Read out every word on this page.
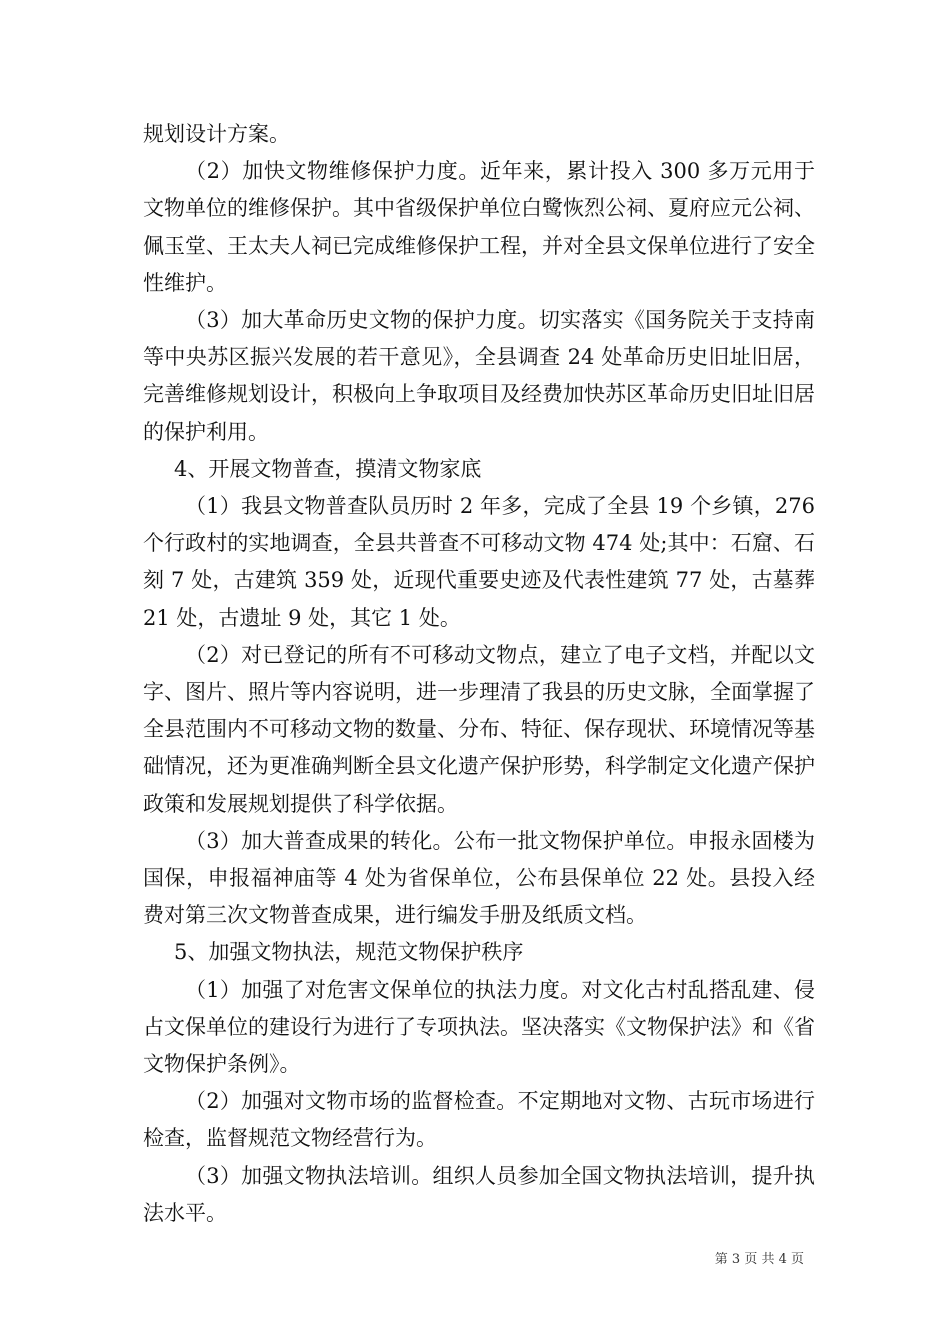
规划设计方案。

（2）加快文物维修保护力度。近年来，累计投入 300 多万元用于文物单位的维修保护。其中省级保护单位白鹭恢烈公祠、夏府应元公祠、佩玉堂、王太夫人祠已完成维修保护工程，并对全县文保单位进行了安全性维护。

（3）加大革命历史文物的保护力度。切实落实《国务院关于支持南等中央苏区振兴发展的若干意见》，全县调查 24 处革命历史旧址旧居，完善维修规划设计，积极向上争取项目及经费加快苏区革命历史旧址旧居的保护利用。

4、开展文物普查，摸清文物家底

（1）我县文物普查队员历时 2 年多，完成了全县 19 个乡镇，276 个行政村的实地调查，全县共普查不可移动文物 474 处;其中：石窟、石刻 7 处，古建筑 359 处，近现代重要史迹及代表性建筑 77 处，古墓葬 21 处，古遗址 9 处，其它 1 处。

（2）对已登记的所有不可移动文物点，建立了电子文档，并配以文字、图片、照片等内容说明，进一步理清了我县的历史文脉，全面掌握了全县范围内不可移动文物的数量、分布、特征、保存现状、环境情况等基础情况，还为更准确判断全县文化遗产保护形势，科学制定文化遗产保护政策和发展规划提供了科学依据。

（3）加大普查成果的转化。公布一批文物保护单位。申报永固楼为国保，申报福神庙等 4 处为省保单位，公布县保单位 22 处。县投入经费对第三次文物普查成果，进行编发手册及纸质文档。

5、加强文物执法，规范文物保护秩序

（1）加强了对危害文保单位的执法力度。对文化古村乱搭乱建、侵占文保单位的建设行为进行了专项执法。坚决落实《文物保护法》和《省文物保护条例》。

（2）加强对文物市场的监督检查。不定期地对文物、古玩市场进行检查，监督规范文物经营行为。

（3）加强文物执法培训。组织人员参加全国文物执法培训，提升执法水平。

第 3 页 共 4 页
